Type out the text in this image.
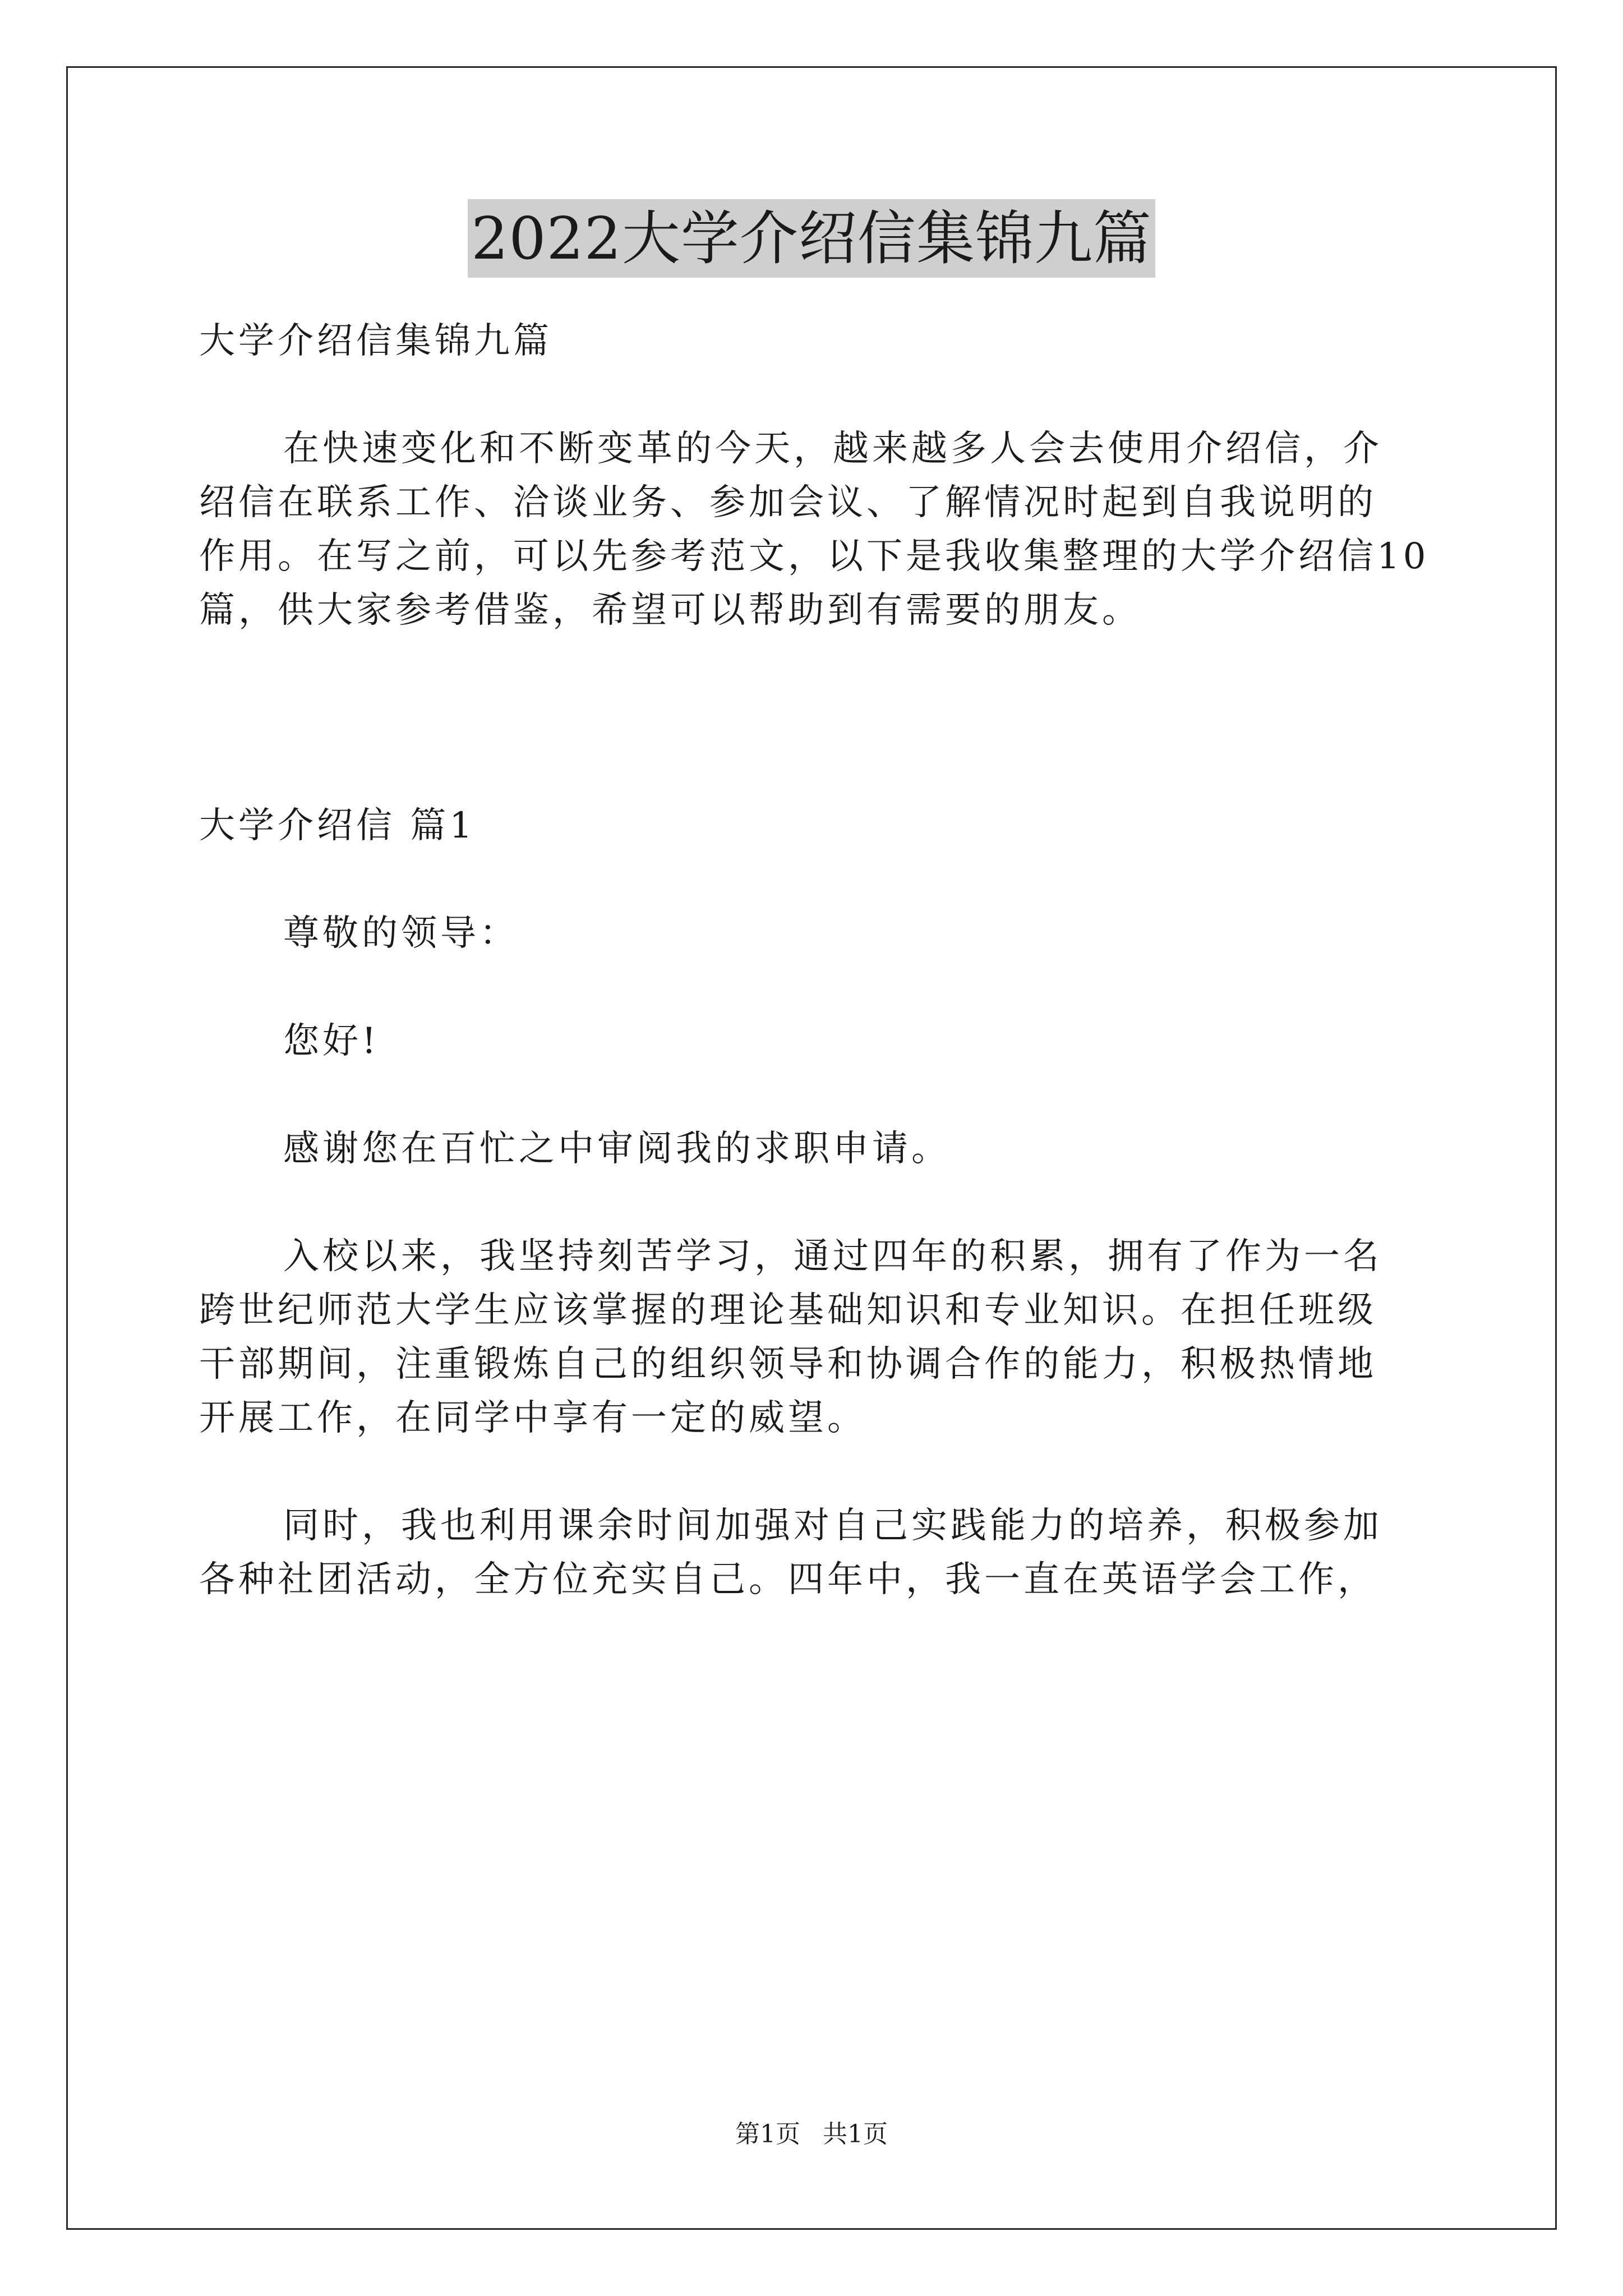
2022大学介绍信集锦九篇

大学介绍信集锦九篇

在快速变化和不断变革的今天，越来越多人会去使用介绍信，介

绍信在联系工作、洽谈业务、参加会议、了解情况时起到自我说明的

作用。在写之前，可以先参考范文，以下是我收集整理的大学介绍信10

篇，供大家参考借鉴，希望可以帮助到有需要的朋友。

大学介绍信 篇1

尊敬的领导：

您好!

感谢您在百忙之中审阅我的求职申请。

入校以来，我坚持刻苦学习，通过四年的积累，拥有了作为一名

跨世纪师范大学生应该掌握的理论基础知识和专业知识。在担任班级

干部期间，注重锻炼自己的组织领导和协调合作的能力，积极热情地

开展工作，在同学中享有一定的威望。

同时，我也利用课余时间加强对自己实践能力的培养，积极参加

各种社团活动，全方位充实自己。四年中，我一直在英语学会工作，

第1页 共1页
